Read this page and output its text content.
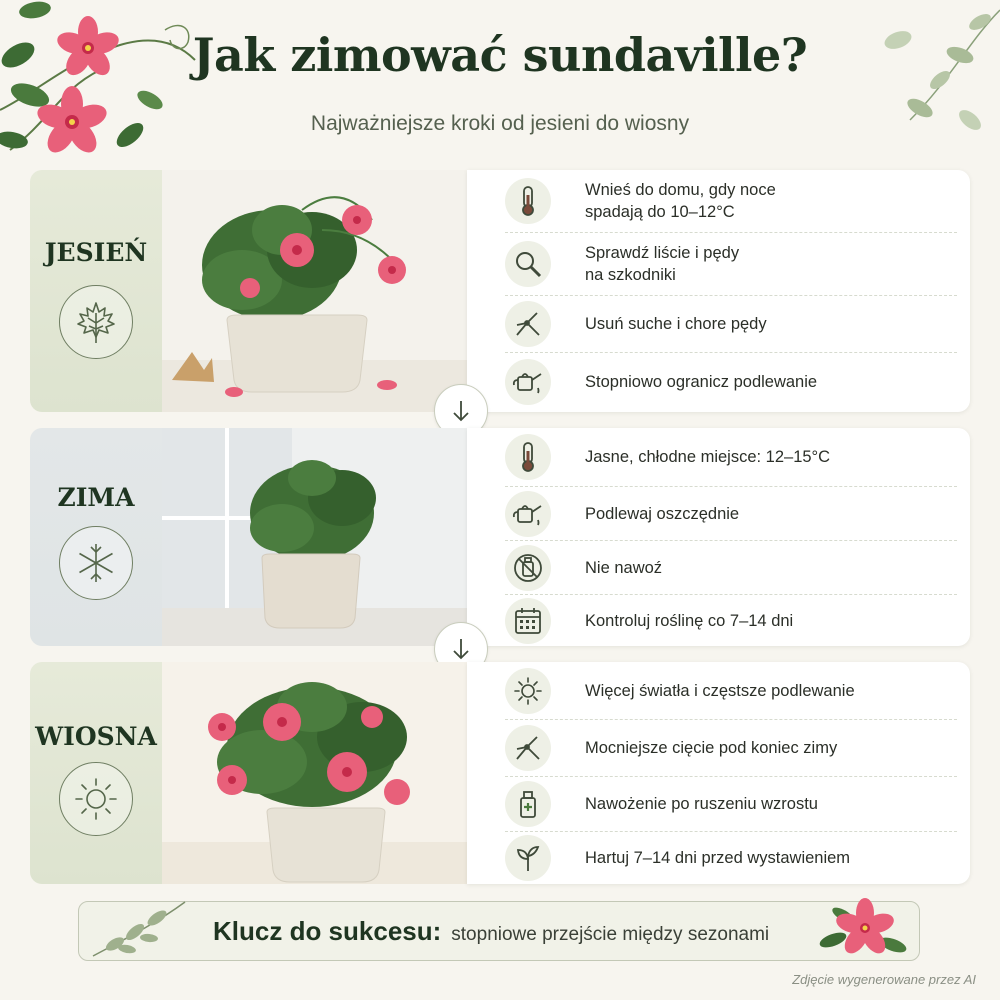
Jak zimować sundaville?
Najważniejsze kroki od jesieni do wiosny
JESIEŃ
Wnieś do domu, gdy noce
spadają do 10–12°C
Sprawdź liście i pędy
na szkodniki
Usuń suche i chore pędy
Stopniowo ogranicz podlewanie
ZIMA
Jasne, chłodne miejsce: 12–15°C
Podlewaj oszczędnie
Nie nawoź
Kontroluj roślinę co 7–14 dni
WIOSNA
Więcej światła i częstsze podlewanie
Mocniejsze cięcie pod koniec zimy
Nawożenie po ruszeniu wzrostu
Hartuj 7–14 dni przed wystawieniem
Klucz do sukcesu: stopniowe przejście między sezonami
Zdjęcie wygenerowane przez AI
